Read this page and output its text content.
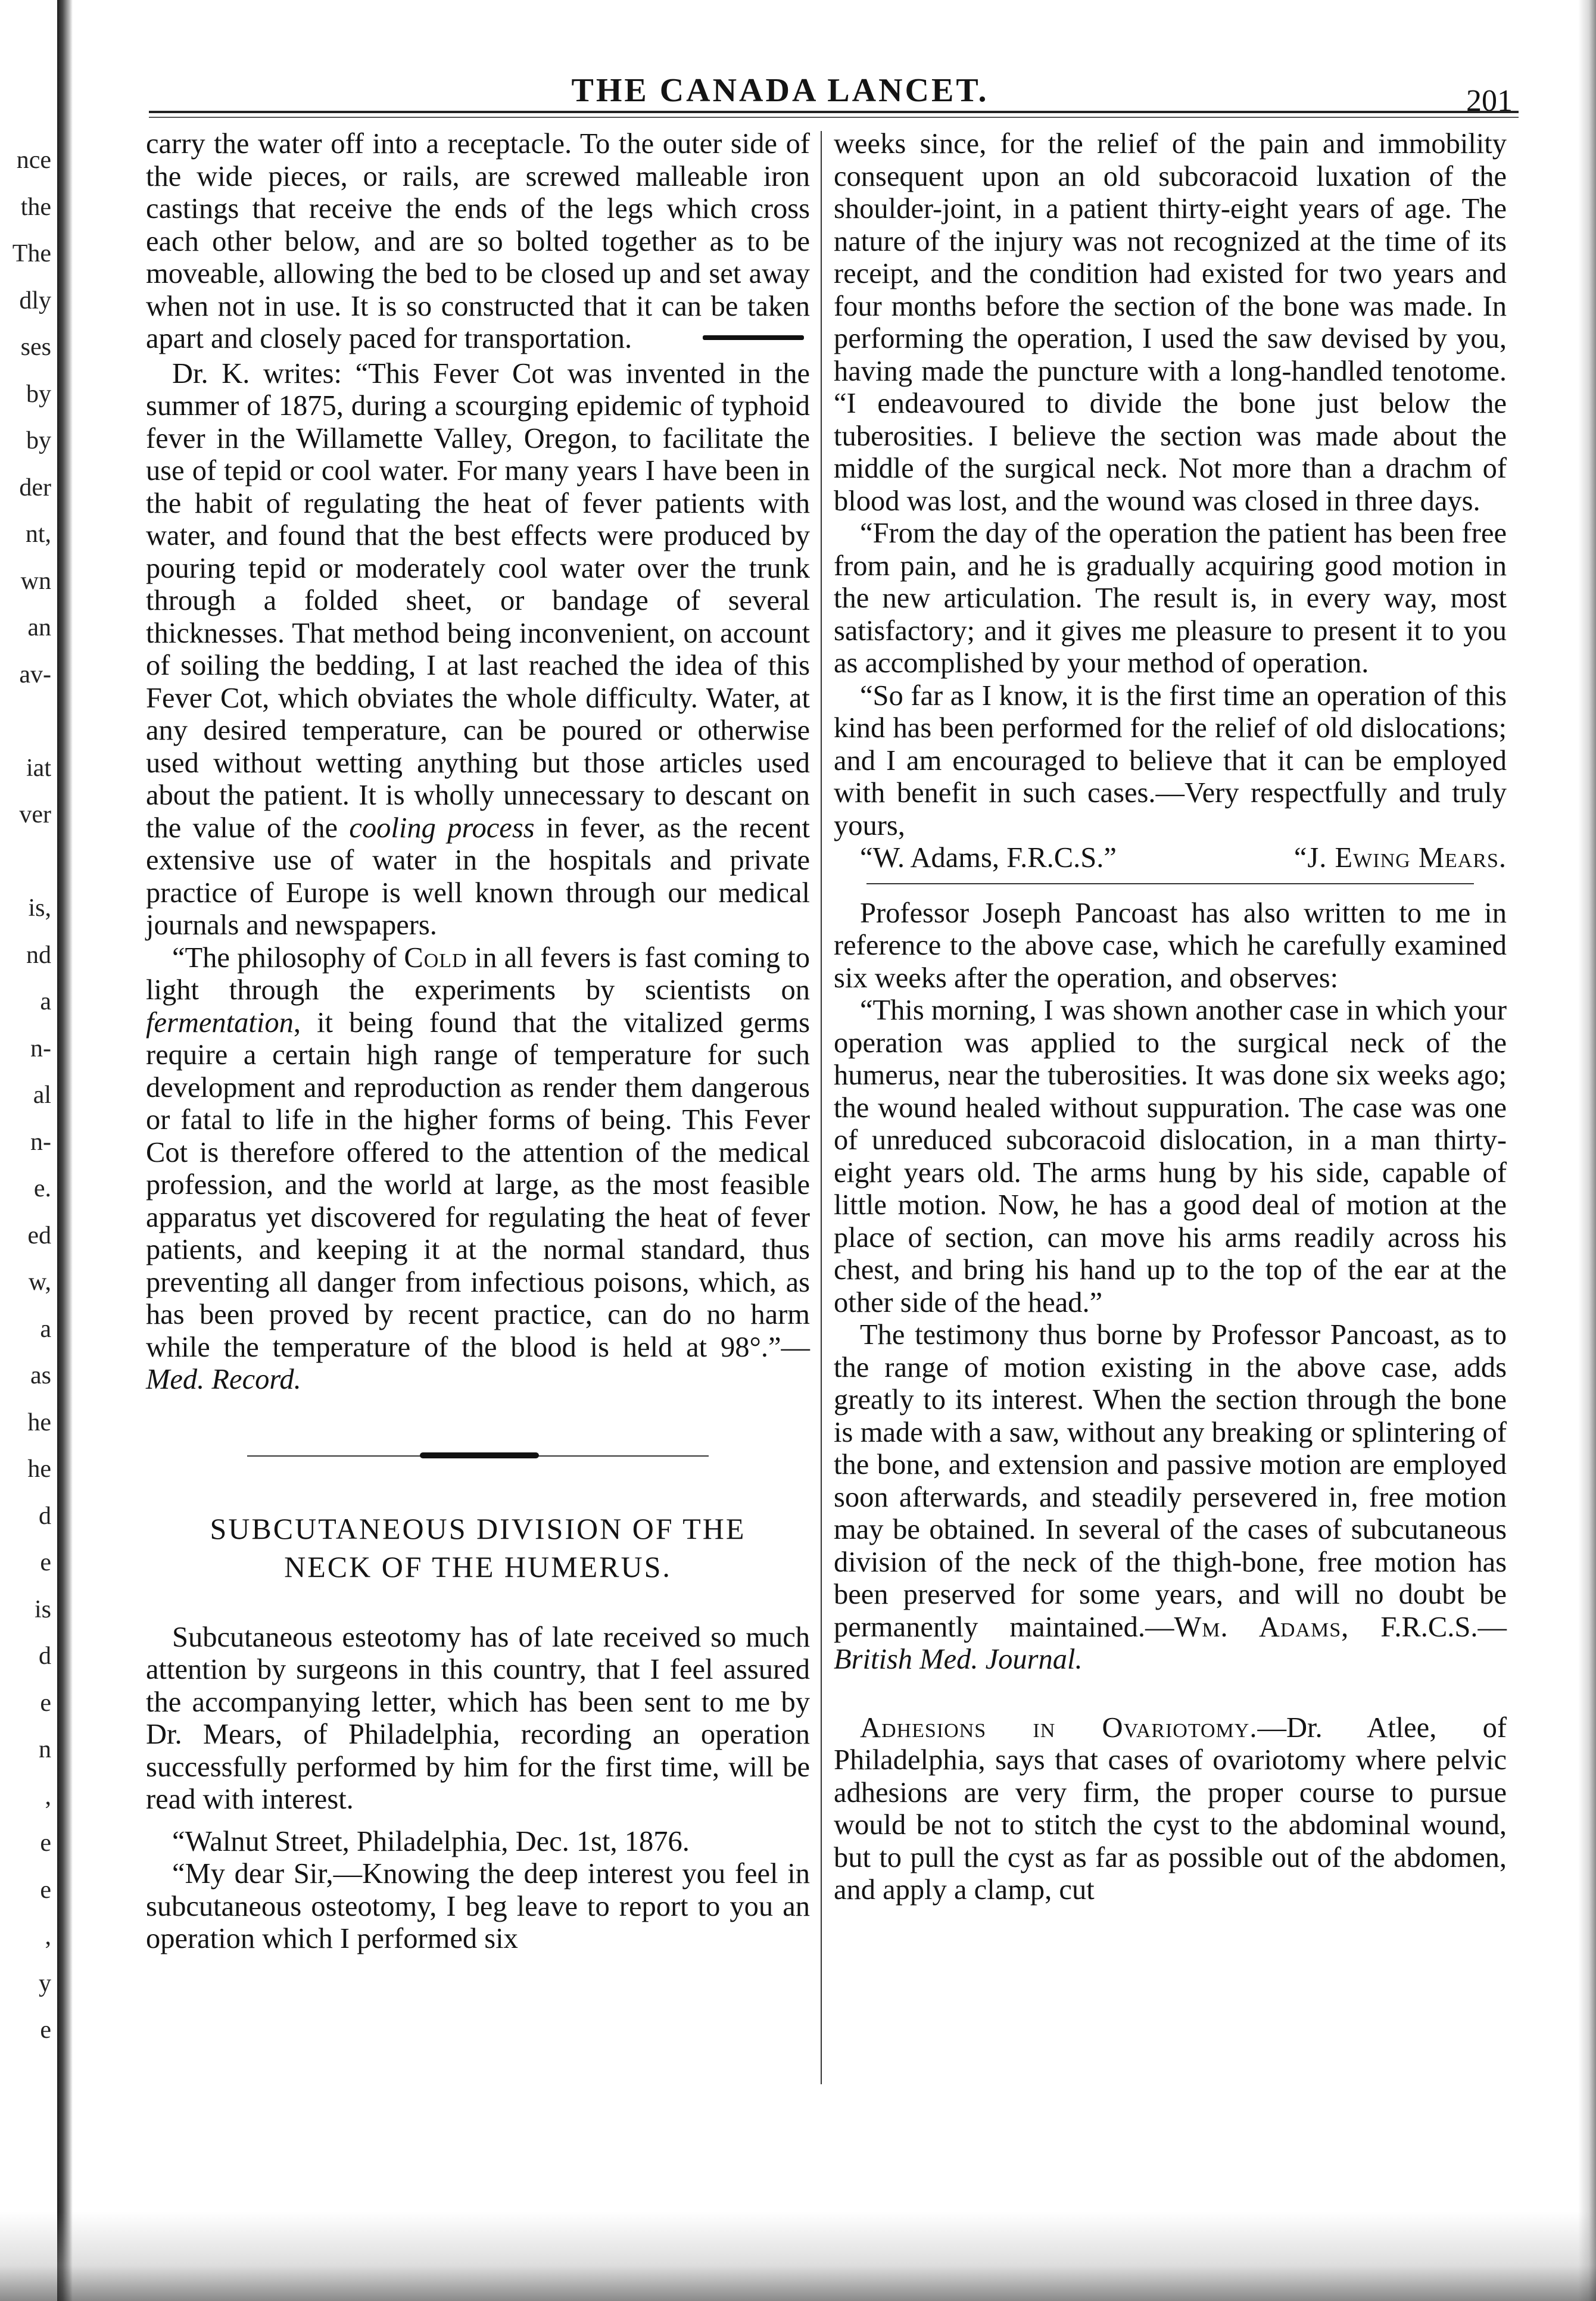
nce
the
The
dly
ses
by
by
der
nt,
wn
an
av-

iat
ver

is,
nd
a
n-
al
n-
e.
ed
w,
a
as
he
he
d
e
is
d
e
n
,
e
e
,
y
e
THE CANADA LANCET.	201

carry the water off into a receptacle. To the outer side of the wide pieces, or rails, are screwed malleable iron castings that receive the ends of the legs which cross each other below, and are so bolted together as to be moveable, allowing the bed to be closed up and set away when not in use. It is so constructed that it can be taken apart and closely paced for transportation.

Dr. K. writes: “This Fever Cot was invented in the summer of 1875, during a scourging epidemic of typhoid fever in the Willamette Valley, Oregon, to facilitate the use of tepid or cool water. For many years I have been in the habit of regulating the heat of fever patients with water, and found that the best effects were produced by pouring tepid or moderately cool water over the trunk through a folded sheet, or bandage of several thicknesses. That method being inconvenient, on account of soiling the bedding, I at last reached the idea of this Fever Cot, which obviates the whole difficulty. Water, at any desired temperature, can be poured or otherwise used without wetting anything but those articles used about the patient. It is wholly unnecessary to descant on the value of the cooling process in fever, as the recent extensive use of water in the hospitals and private practice of Europe is well known through our medical journals and newspapers.

“The philosophy of Cold in all fevers is fast coming to light through the experiments by scientists on fermentation, it being found that the vitalized germs require a certain high range of temperature for such development and reproduction as render them dangerous or fatal to life in the higher forms of being. This Fever Cot is therefore offered to the attention of the medical profession, and the world at large, as the most feasible apparatus yet discovered for regulating the heat of fever patients, and keeping it at the normal standard, thus preventing all danger from infectious poisons, which, as has been proved by recent practice, can do no harm while the temperature of the blood is held at 98°.”—Med. Record.

SUBCUTANEOUS DIVISION OF THE
NECK OF THE HUMERUS.

Subcutaneous esteotomy has of late received so much attention by surgeons in this country, that I feel assured the accompanying letter, which has been sent to me by Dr. Mears, of Philadelphia, recording an operation successfully performed by him for the first time, will be read with interest.

“Walnut Street, Philadelphia, Dec. 1st, 1876.

“My dear Sir,—Knowing the deep interest you feel in subcutaneous osteotomy, I beg leave to report to you an operation which I performed six

weeks since, for the relief of the pain and immobility consequent upon an old subcoracoid luxation of the shoulder-joint, in a patient thirty-eight years of age. The nature of the injury was not recognized at the time of its receipt, and the condition had existed for two years and four months before the section of the bone was made. In performing the operation, I used the saw devised by you, having made the puncture with a long-handled tenotome. “I endeavoured to divide the bone just below the tuberosities. I believe the section was made about the middle of the surgical neck. Not more than a drachm of blood was lost, and the wound was closed in three days.

“From the day of the operation the patient has been free from pain, and he is gradually acquiring good motion in the new articulation. The result is, in every way, most satisfactory; and it gives me pleasure to present it to you as accomplished by your method of operation.

“So far as I know, it is the first time an operation of this kind has been performed for the relief of old dislocations; and I am encouraged to believe that it can be employed with benefit in such cases.—Very respectfully and truly yours,

“W. Adams, F.R.C.S.”	“J. Ewing Mears.

Professor Joseph Pancoast has also written to me in reference to the above case, which he carefully examined six weeks after the operation, and observes:

“This morning, I was shown another case in which your operation was applied to the surgical neck of the humerus, near the tuberosities. It was done six weeks ago; the wound healed without suppuration. The case was one of unreduced subcoracoid dislocation, in a man thirty-eight years old. The arms hung by his side, capable of little motion. Now, he has a good deal of motion at the place of section, can move his arms readily across his chest, and bring his hand up to the top of the ear at the other side of the head.”

The testimony thus borne by Professor Pancoast, as to the range of motion existing in the above case, adds greatly to its interest. When the section through the bone is made with a saw, without any breaking or splintering of the bone, and extension and passive motion are employed soon afterwards, and steadily persevered in, free motion may be obtained. In several of the cases of subcutaneous division of the neck of the thigh-bone, free motion has been preserved for some years, and will no doubt be permanently maintained.—Wm. Adams, F.R.C.S.—British Med. Journal.

Adhesions in Ovariotomy.—Dr. Atlee, of Philadelphia, says that cases of ovariotomy where pelvic adhesions are very firm, the proper course to pursue would be not to stitch the cyst to the abdominal wound, but to pull the cyst as far as possible out of the abdomen, and apply a clamp, cut
